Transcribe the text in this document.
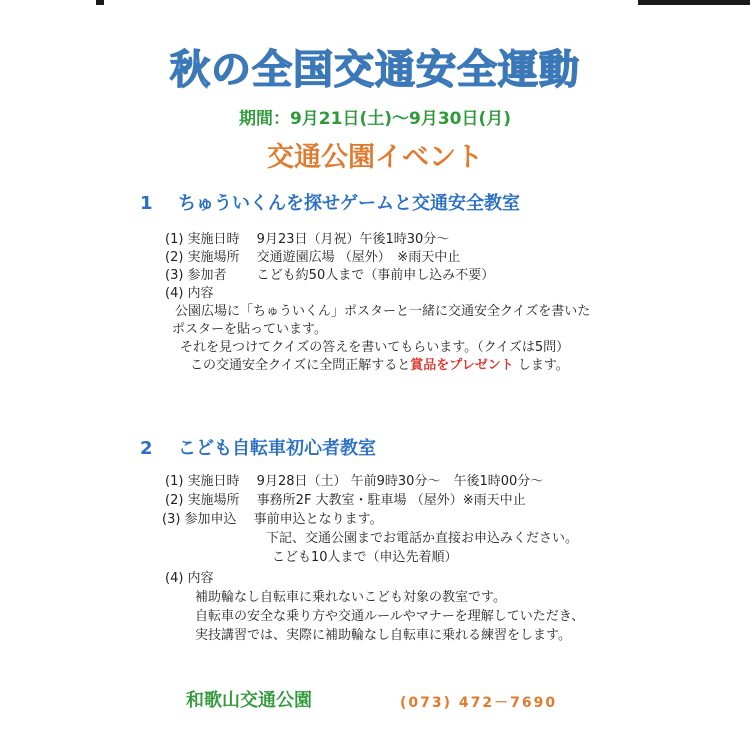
秋の全国交通安全運動
期間：9月21日(土)～9月30日(月)
交通公園イベント
1 ちゅういくんを探せゲームと交通安全教室
(1) 実施日時　 9月23日（月祝）午後1時30分～
(2) 実施場所　 交通遊園広場 （屋外）　※雨天中止
(3) 参加者　　 こども約50人まで（事前申し込み不要）
(4) 内容
公園広場に「ちゅういくん」ポスターと一緒に交通安全クイズを書いた
ポスターを貼っています。
それを見つけてクイズの答えを書いてもらいます。（クイズは5問）
この交通安全クイズに全問正解すると賞品をプレゼント します。
2 こども自転車初心者教室
(1) 実施日時　 9月28日（土） 午前9時30分～　午後1時00分～
(2) 実施場所　 事務所2F 大教室・駐車場 （屋外）※雨天中止
(3) 参加申込　 事前申込となります。
下記、交通公園までお電話か直接お申込みください。
こども10人まで（申込先着順）
(4) 内容
補助輪なし自転車に乗れないこども対象の教室です。
自転車の安全な乗り方や交通ルールやマナーを理解していただき、
実技講習では、実際に補助輪なし自転車に乗れる練習をします。
和歌山交通公園	(073) 472－7690
